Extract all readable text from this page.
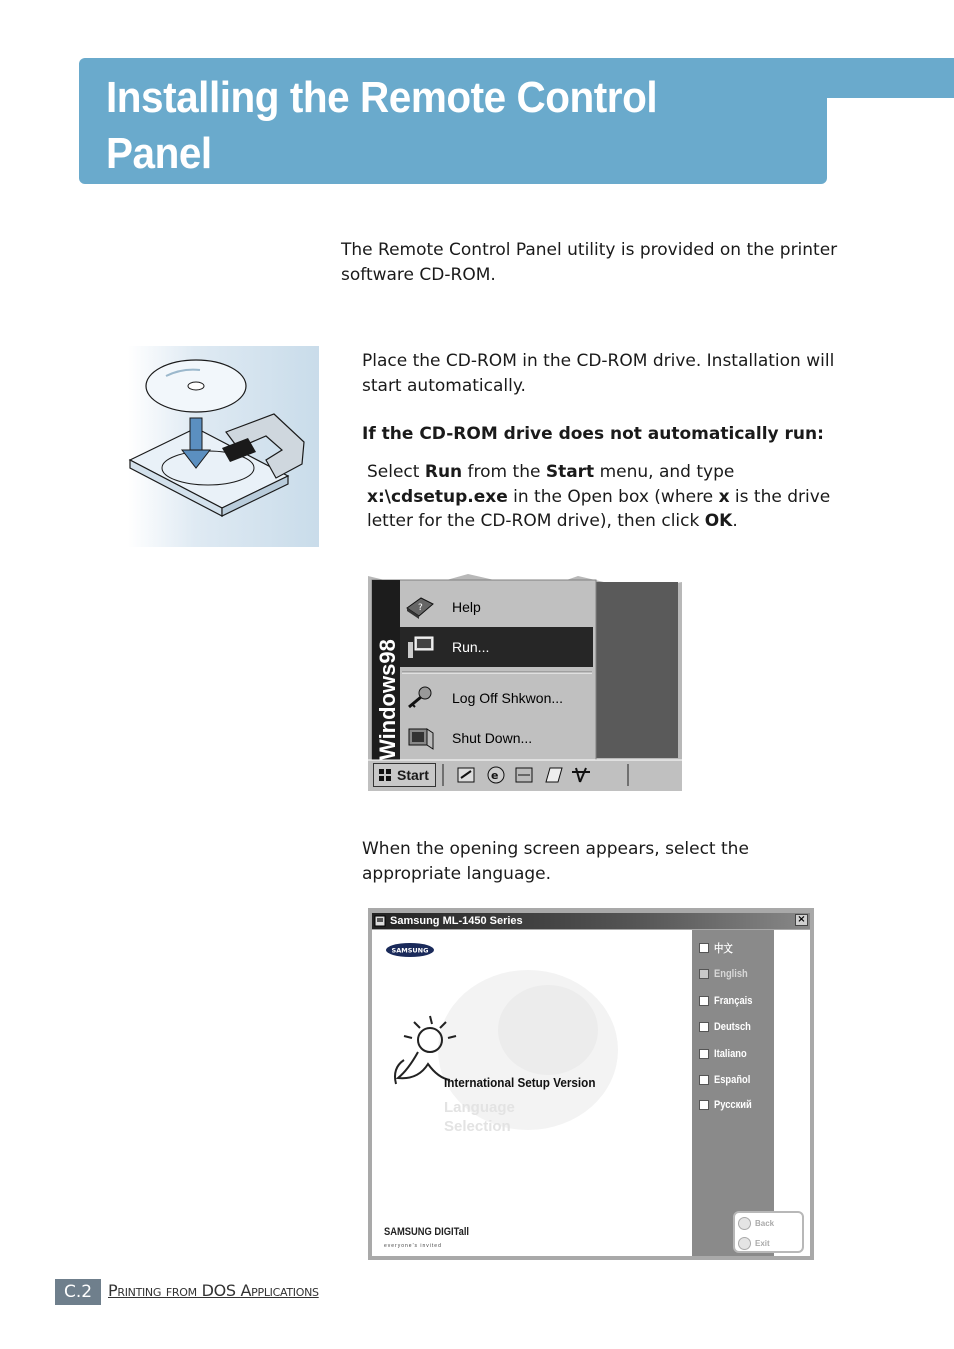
Installing the Remote Control Panel
for DOS Users

The Remote Control Panel utility is provided on the printer software CD-ROM.

Place the CD-ROM in the CD-ROM drive. Installation will start automatically.

If the CD-ROM drive does not automatically run:

Select Run from the Start menu, and type
x:\cdsetup.exe in the Open box (where x is the drive letter for the CD-ROM drive), then click OK.

Windows98
? Help
Run...
Log Off Shkwon...
Shut Down...
Start	e

When the opening screen appears, select the appropriate language.

Samsung ML-1450 Series	×
SAMSUNG
International Setup Version
Language
Selection
中文
English
Français
Deutsch
Italiano
Español
Русский
Back
Exit
SAMSUNG DIGITall
everyone's invited
C.2 Printing from DOS Applications
